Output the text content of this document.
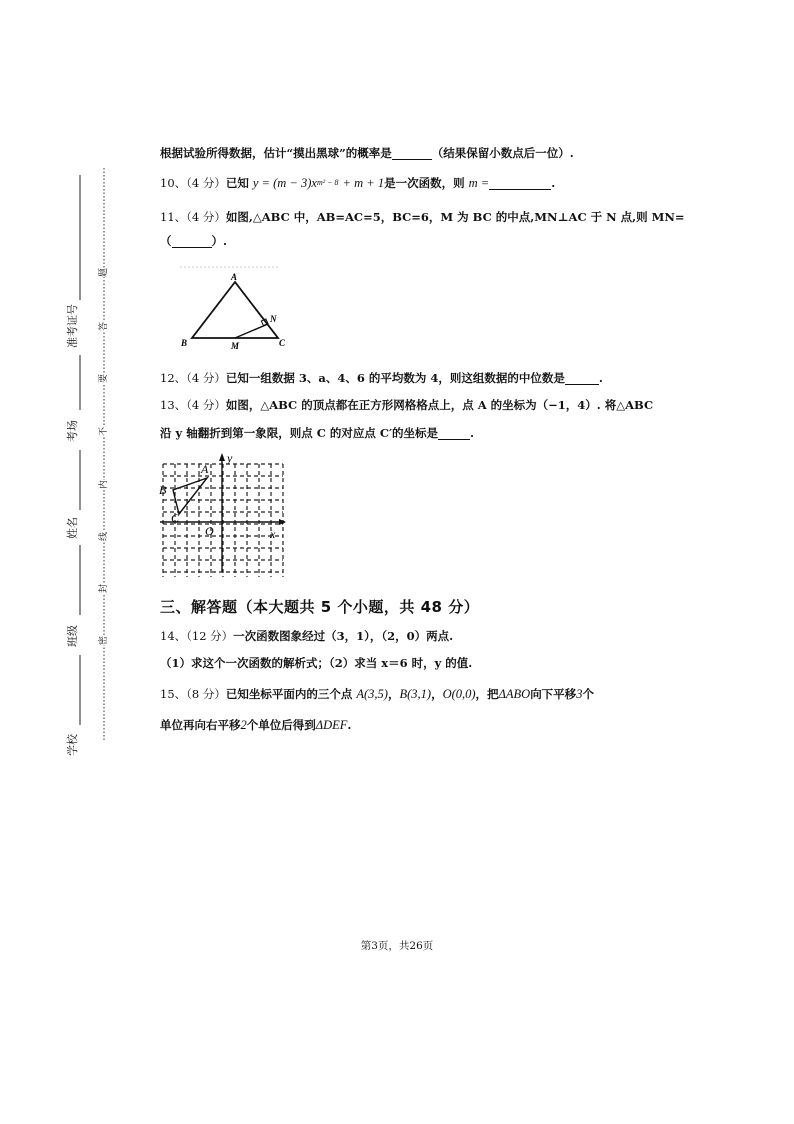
准考证号
考场
姓名
班级
学校
题
答
要
不
内
线
封
密
根据试验所得数据，估计“摸出黑球”的概率是	（结果保留小数点后一位）.
10、（4 分）已知 y = (m − 3)xm² − 8 + m + 1是一次函数，则 m =	.
11、（4 分）如图,△ABC 中，AB=AC=5，BC=6，M 为 BC 的中点,MN⊥AC 于 N 点,则 MN=
（	）.
A
B	C
M
N
12、（4 分）已知一组数据 3、a、4、6 的平均数为 4，则这组数据的中位数是	.
13、（4 分）如图，△ABC 的顶点都在正方形网格格点上，点 A 的坐标为（−1，4）. 将△ABC
沿 y 轴翻折到第一象限，则点 C 的对应点 C′的坐标是	.
A
B
C
O	x
y
三、解答题（本大题共 5 个小题，共 48 分）
14、（12 分）一次函数图象经过（3，1），（2，0）两点.
（1）求这个一次函数的解析式；（2）求当 x＝6 时，y 的值.
15、（8 分）已知坐标平面内的三个点 A(3,5)，B(3,1)，O(0,0)，把ΔABO向下平移3个
单位再向右平移2个单位后得到ΔDEF.
第3页，共26页
